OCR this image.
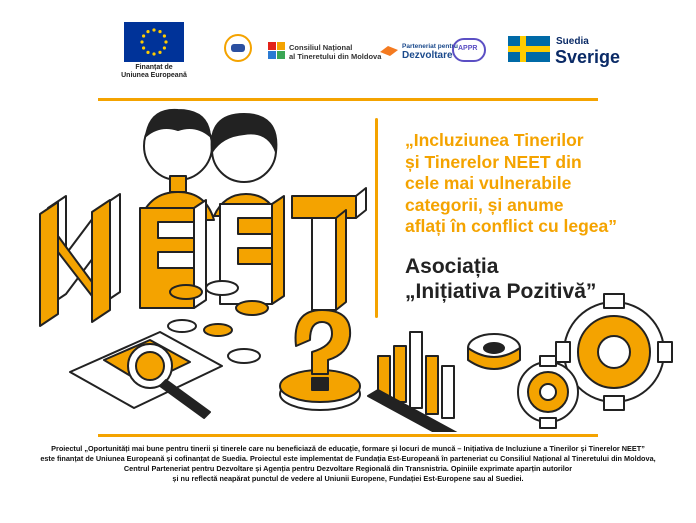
Finanțat de
Uniunea Europeană
Consiliul Național
al Tineretului din Moldova
Parteneriat pentru
Dezvoltare
APPR
Suedia
Sverige
„Incluziunea Tinerilor
și Tinerelor NEET din
cele mai vulnerabile
categorii, și anume
aflați în conflict cu legea”
Asociația
„Inițiativa Pozitivă”
Proiectul „Oportunități mai bune pentru tinerii și tinerele care nu beneficiază de educație, formare și locuri de muncă – Inițiativa de Incluziune a Tinerilor și Tinerelor NEET”
este finanțat de Uniunea Europeană și cofinanțat de Suedia. Proiectul este implementat de Fundația Est-Europeană în parteneriat cu Consiliul Național al Tineretului din Moldova,
Centrul Parteneriat pentru Dezvoltare și Agenția pentru Dezvoltare Regională din Transnistria. Opiniile exprimate aparțin autorilor
și nu reflectă neapărat punctul de vedere al Uniunii Europene, Fundației Est-Europene sau al Suediei.
